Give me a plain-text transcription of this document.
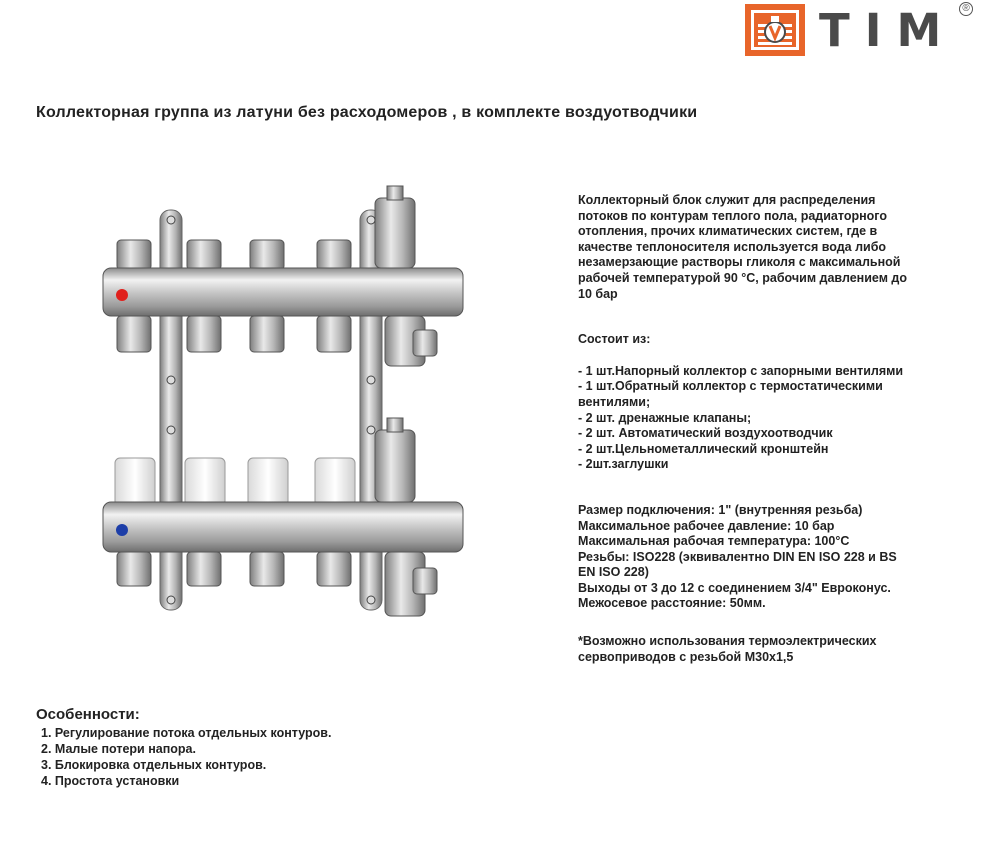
TIM ®
Коллекторная группа из латуни без расходомеров , в комплекте воздуотводчики

Коллекторный блок служит для распределения

потоков по контурам теплого пола, радиаторного

отопления, прочих климатических систем, где в

качестве теплоносителя используется вода либо

незамерзающие растворы гликоля с максимальной

рабочей температурой 90 °С, рабочим давлением до

10 бар

Состоит из:

- 1 шт.Напорный коллектор с запорными вентилями
- 1 шт.Обратный коллектор с термостатическими
вентилями;
- 2 шт. дренажные клапаны;
- 2 шт. Автоматический воздухоотводчик
- 2 шт.Цельнометаллический кронштейн
- 2шт.заглушки
Размер подключения: 1" (внутренняя резьба)
Максимальное рабочее давление: 10 бар
Максимальная рабочая температура: 100°С
Резьбы: ISO228 (эквивалентно DIN EN ISO 228 и BS
EN ISO 228)
Выходы от 3 до 12 с соединением 3/4" Евроконус.
Межосевое расстояние: 50мм.
*Возможно использования термоэлектрических
сервоприводов с резьбой М30х1,5
Особенности:
1. Регулирование потока отдельных контуров.
2. Малые потери напора.
3. Блокировка отдельных контуров.
4. Простота установки
